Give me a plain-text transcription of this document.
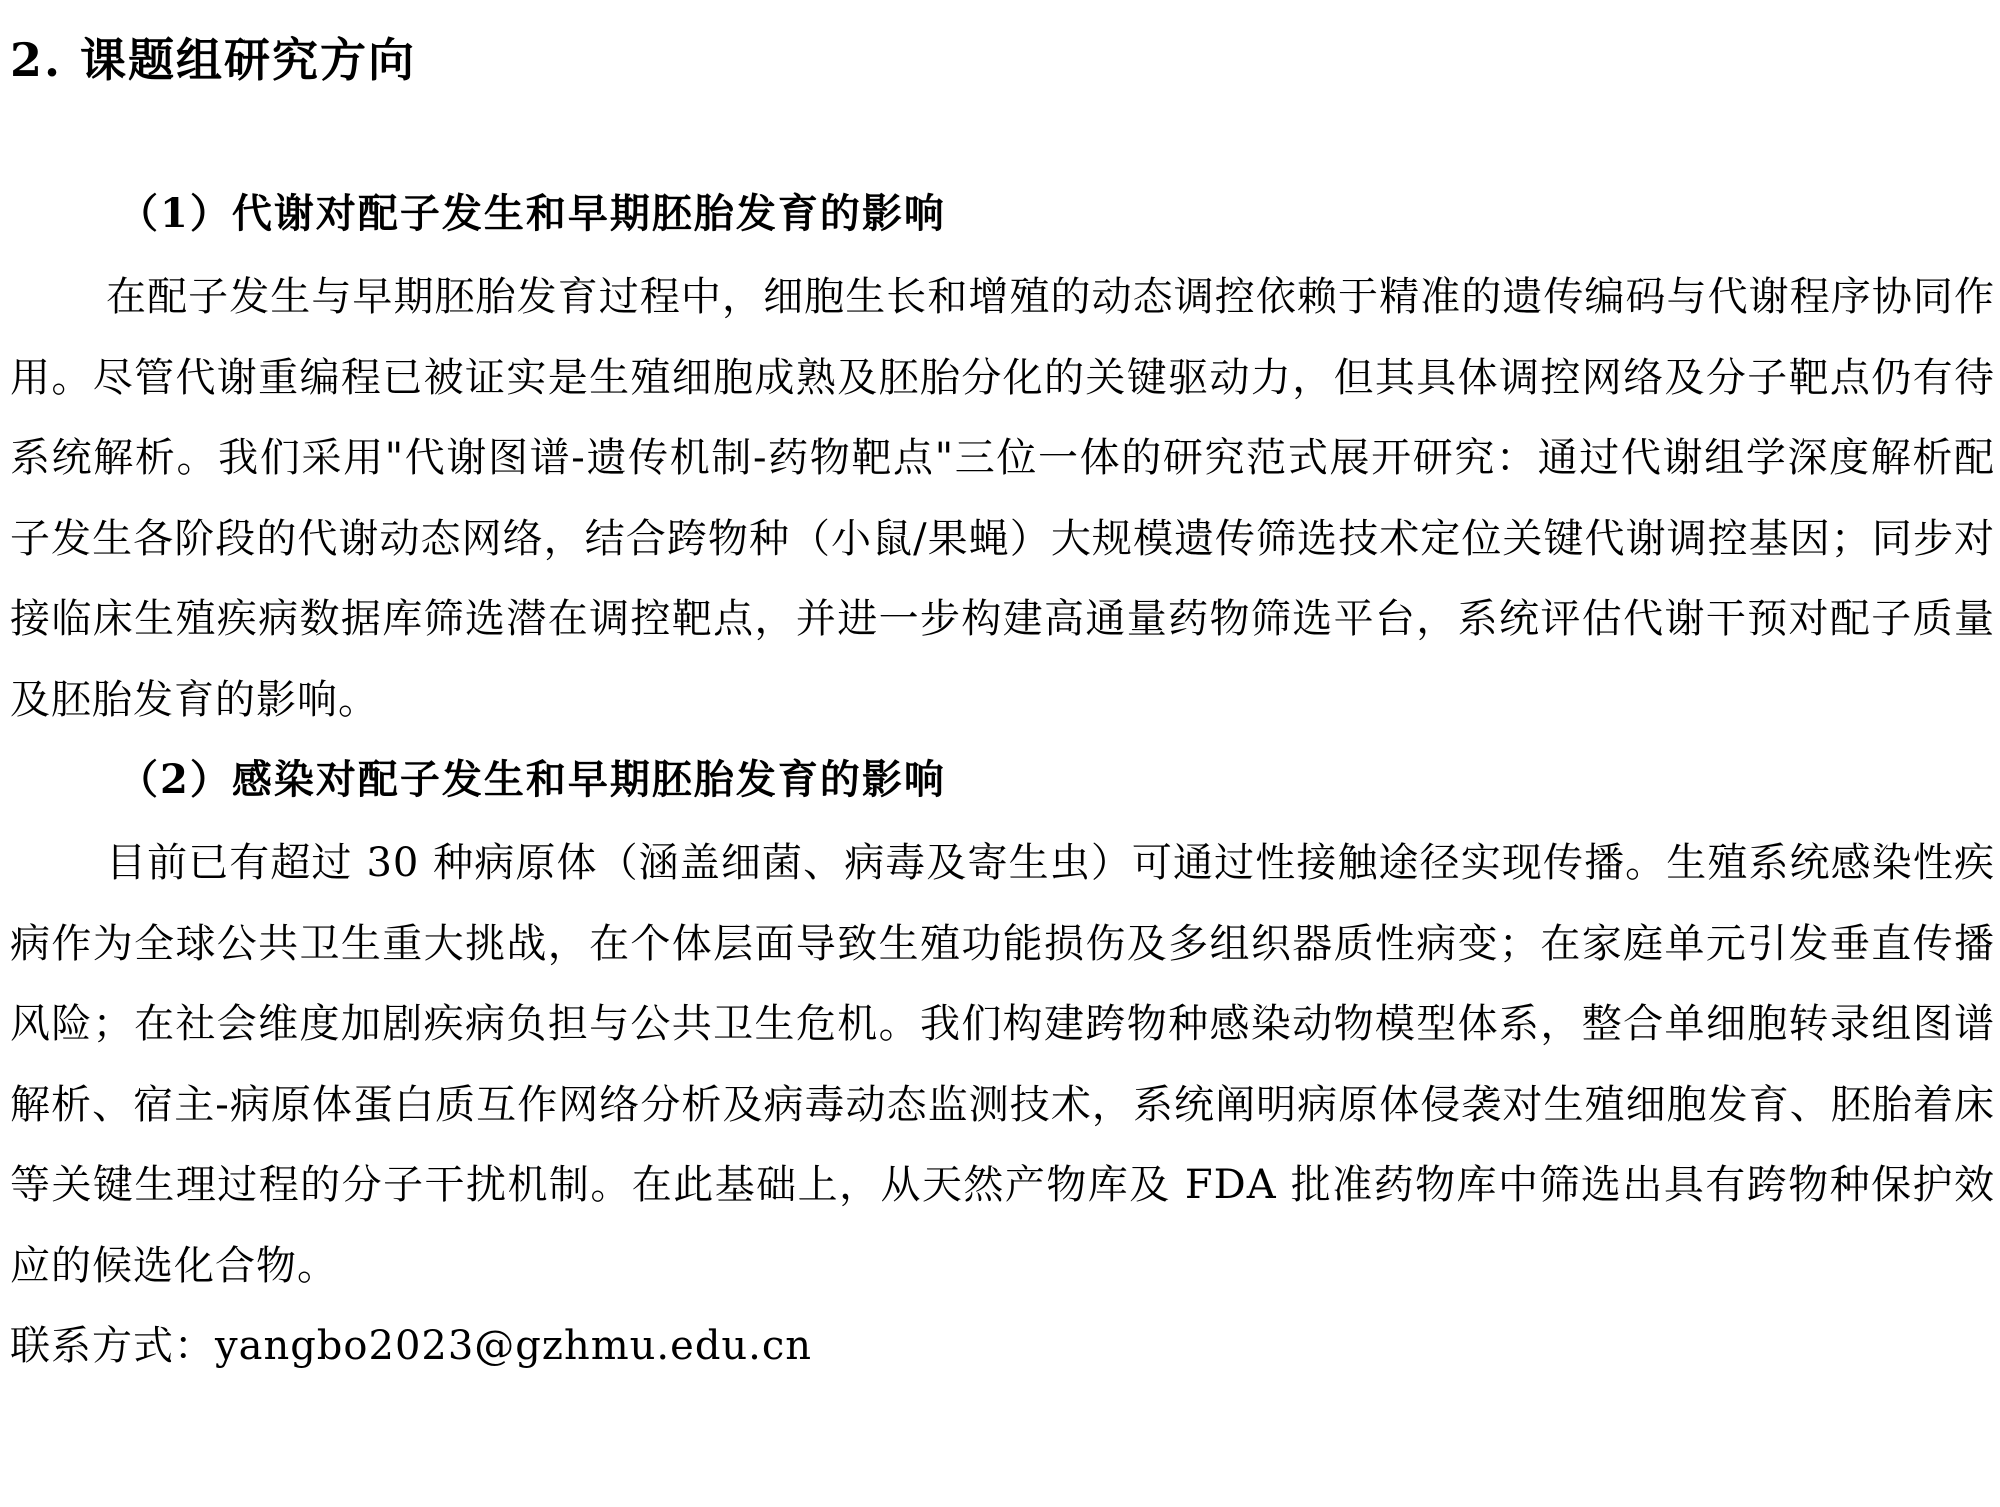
2. 课题组研究方向
（1）代谢对配子发生和早期胚胎发育的影响

在配子发生与早期胚胎发育过程中，细胞生长和增殖的动态调控依赖于精准的遗传编码与代谢程序协同作用。尽管代谢重编程已被证实是生殖细胞成熟及胚胎分化的关键驱动力，但其具体调控网络及分子靶点仍有待系统解析。我们采用"代谢图谱-遗传机制-药物靶点"三位一体的研究范式展开研究：通过代谢组学深度解析配子发生各阶段的代谢动态网络，结合跨物种（小鼠/果蝇）大规模遗传筛选技术定位关键代谢调控基因；同步对接临床生殖疾病数据库筛选潜在调控靶点，并进一步构建高通量药物筛选平台，系统评估代谢干预对配子质量及胚胎发育的影响。

（2）感染对配子发生和早期胚胎发育的影响

目前已有超过 30 种病原体（涵盖细菌、病毒及寄生虫）可通过性接触途径实现传播。生殖系统感染性疾病作为全球公共卫生重大挑战，在个体层面导致生殖功能损伤及多组织器质性病变；在家庭单元引发垂直传播风险；在社会维度加剧疾病负担与公共卫生危机。我们构建跨物种感染动物模型体系，整合单细胞转录组图谱解析、宿主-病原体蛋白质互作网络分析及病毒动态监测技术，系统阐明病原体侵袭对生殖细胞发育、胚胎着床等关键生理过程的分子干扰机制。在此基础上，从天然产物库及 FDA 批准药物库中筛选出具有跨物种保护效应的候选化合物。

联系方式：yangbo2023@gzhmu.edu.cn
